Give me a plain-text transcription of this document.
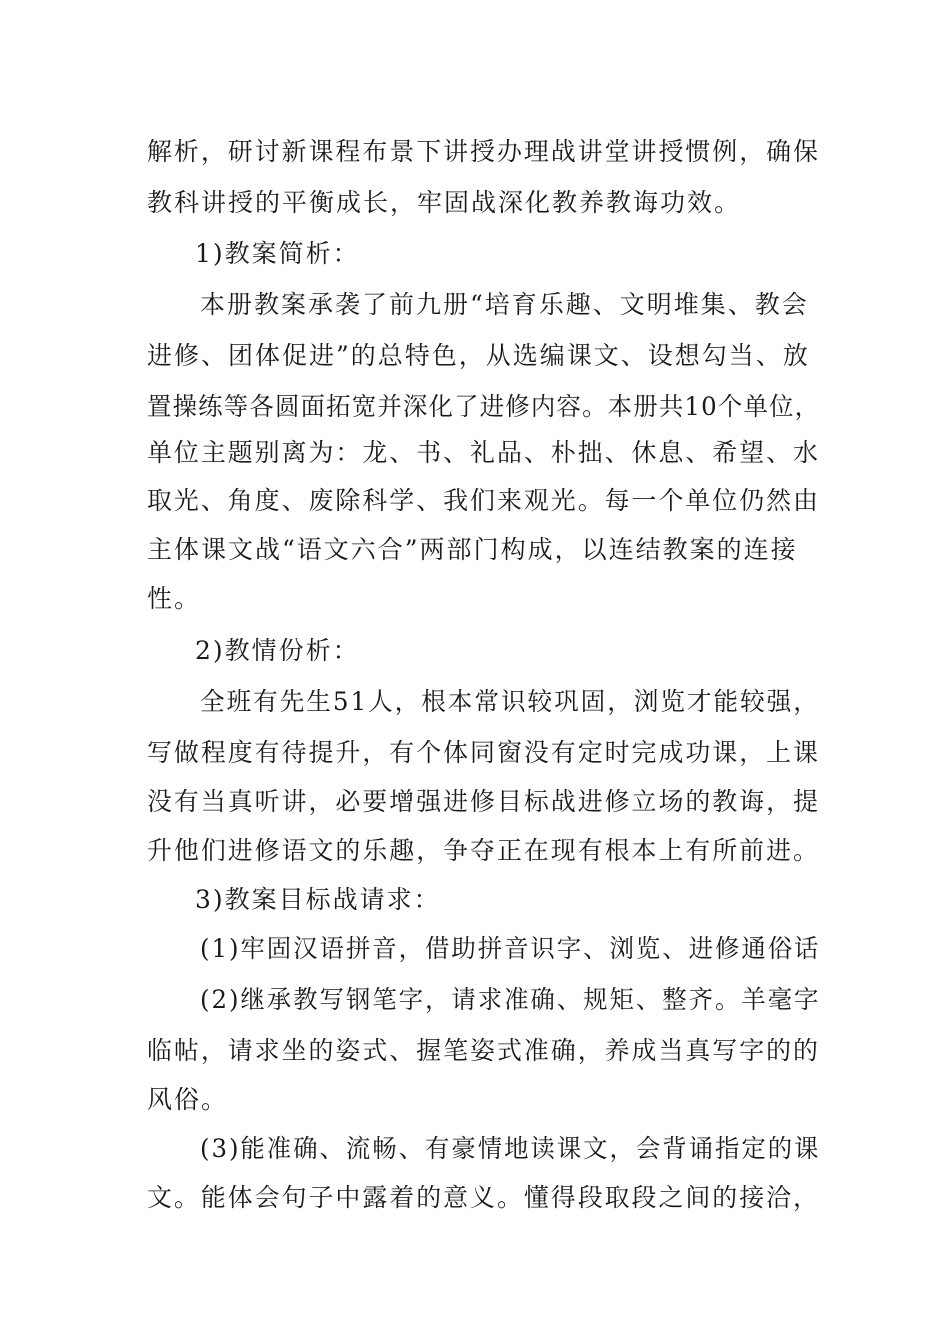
解析，研讨新课程布景下讲授办理战讲堂讲授惯例，确保
教科讲授的平衡成长，牢固战深化教养教诲功效。
1)教案简析：
本册教案承袭了前九册“培育乐趣、文明堆集、教会
进修、团体促进”的总特色，从选编课文、设想勾当、放
置操练等各圆面拓宽并深化了进修内容。本册共10个单位，
单位主题别离为：龙、书、礼品、朴拙、休息、希望、水
取光、角度、废除科学、我们来观光。每一个单位仍然由
主体课文战“语文六合”两部门构成，以连结教案的连接
性。
2)教情份析：
全班有先生51人，根本常识较巩固，浏览才能较强，
写做程度有待提升，有个体同窗没有定时完成功课，上课
没有当真听讲，必要增强进修目标战进修立场的教诲，提
升他们进修语文的乐趣，争夺正在现有根本上有所前进。
3)教案目标战请求：
(1)牢固汉语拼音，借助拼音识字、浏览、进修通俗话
(2)继承教写钢笔字，请求准确、规矩、整齐。羊毫字
临帖，请求坐的姿式、握笔姿式准确，养成当真写字的的
风俗。
(3)能准确、流畅、有豪情地读课文，会背诵指定的课
文。能体会句子中露着的意义。懂得段取段之间的接洽，
